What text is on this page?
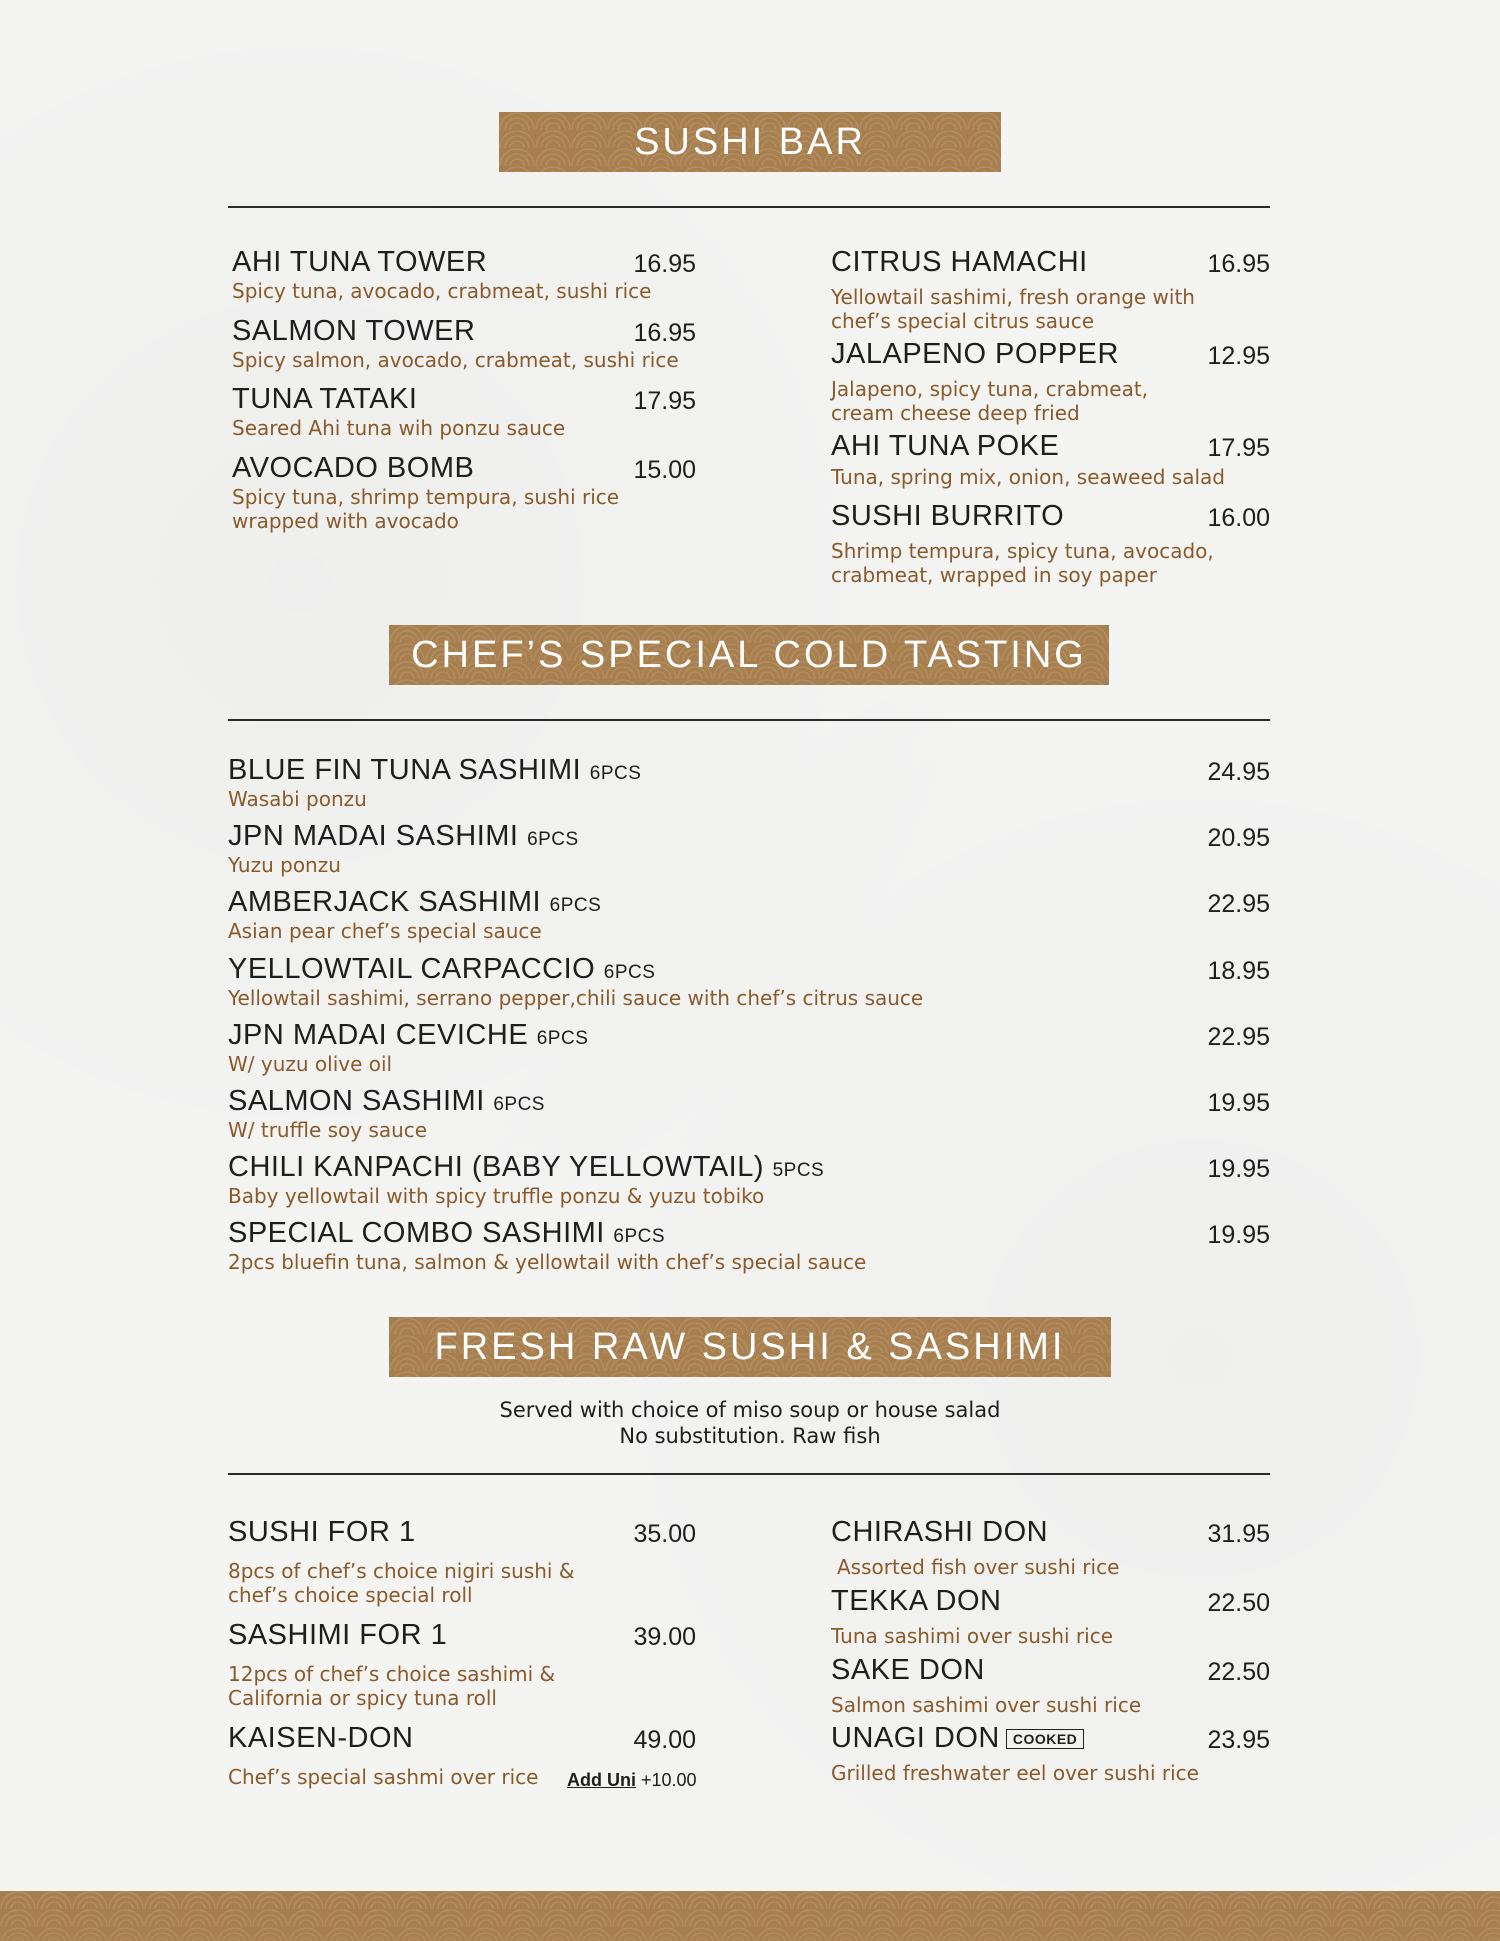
SUSHI BAR
AHI TUNA TOWER
Spicy tuna, avocado, crabmeat, sushi rice
16.95
SALMON TOWER
Spicy salmon, avocado, crabmeat, sushi rice
16.95
TUNA TATAKI
Seared Ahi tuna wih ponzu sauce
17.95
AVOCADO BOMB
Spicy tuna, shrimp tempura, sushi rice
wrapped with avocado
15.00
CITRUS HAMACHI
Yellowtail sashimi, fresh orange with
chef’s special citrus sauce
16.95
JALAPENO POPPER
Jalapeno, spicy tuna, crabmeat,
cream cheese deep fried
12.95
AHI TUNA POKE
Tuna, spring mix, onion, seaweed salad
17.95
SUSHI BURRITO
Shrimp tempura, spicy tuna, avocado,
crabmeat, wrapped in soy paper
16.00
CHEF’S SPECIAL COLD TASTING
BLUE FIN TUNA SASHIMI 6PCS
Wasabi ponzu
24.95
JPN MADAI SASHIMI 6PCS
Yuzu ponzu
20.95
AMBERJACK SASHIMI 6PCS
Asian pear chef’s special sauce
22.95
YELLOWTAIL CARPACCIO 6PCS
Yellowtail sashimi, serrano pepper,chili sauce with chef’s citrus sauce
18.95
JPN MADAI CEVICHE 6PCS
W/ yuzu olive oil
22.95
SALMON SASHIMI 6PCS
W/ truffle soy sauce
19.95
CHILI KANPACHI (BABY YELLOWTAIL) 5PCS
Baby yellowtail with spicy truffle ponzu & yuzu tobiko
19.95
SPECIAL COMBO SASHIMI 6PCS
2pcs bluefin tuna, salmon & yellowtail with chef’s special sauce
19.95
FRESH RAW SUSHI & SASHIMI
Served with choice of miso soup or house salad
No substitution. Raw fish
SUSHI FOR 1
8pcs of chef’s choice nigiri sushi &
chef’s choice special roll
35.00
SASHIMI FOR 1
12pcs of chef’s choice sashimi &
California or spicy tuna roll
39.00
KAISEN-DON
Chef’s special sashmi over rice
49.00
Add Uni +10.00
CHIRASHI DON
Assorted fish over sushi rice
31.95
TEKKA DON
Tuna sashimi over sushi rice
22.50
SAKE DON
Salmon sashimi over sushi rice
22.50
UNAGI DON COOKED
Grilled freshwater eel over sushi rice
23.95
